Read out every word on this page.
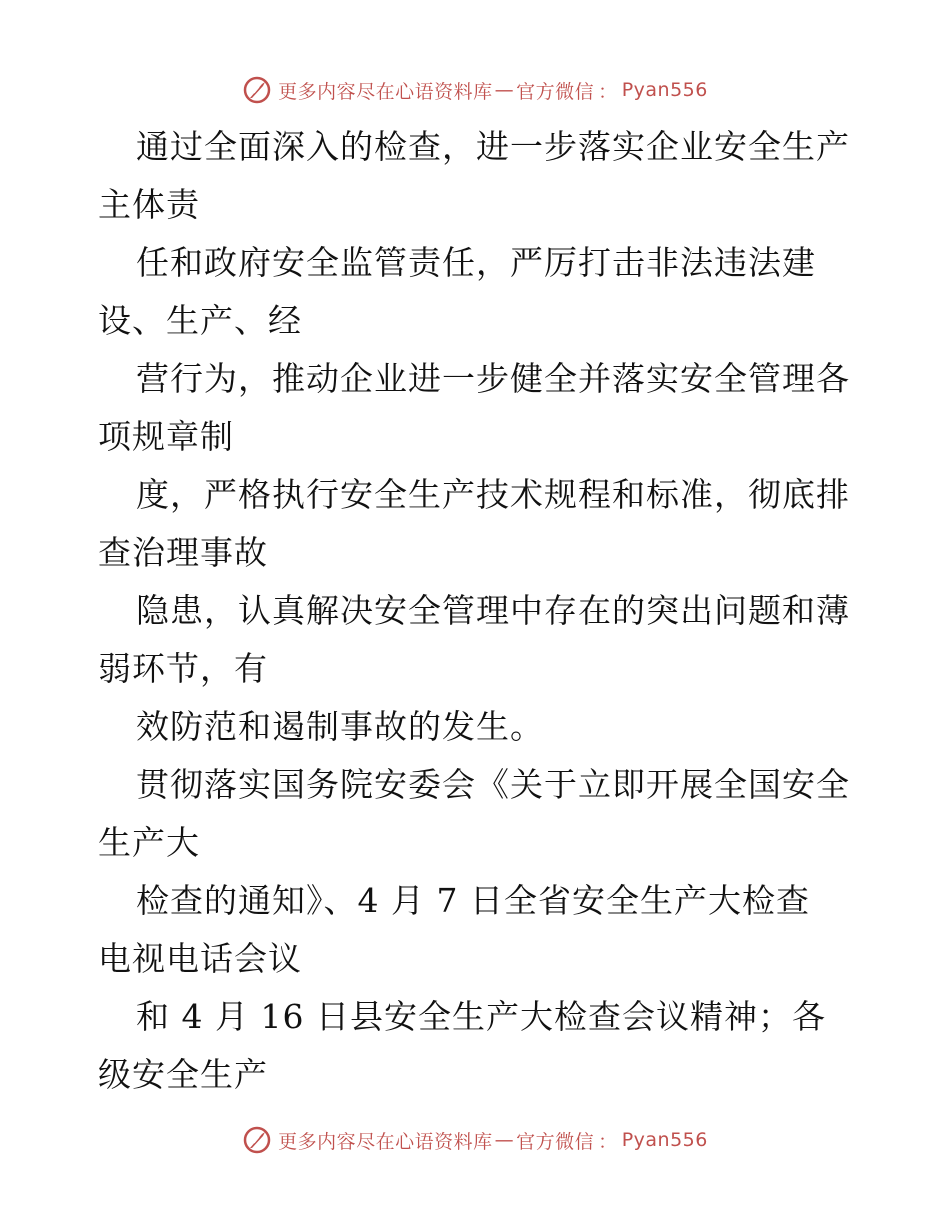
更多内容尽在心语资料库 — 官方微信 ： Pyan556
通过全面深入的检查，进一步落实企业安全生产
主体责
任和政府安全监管责任，严厉打击非法违法建
设、生产、经
营行为，推动企业进一步健全并落实安全管理各
项规章制
度，严格执行安全生产技术规程和标准，彻底排
查治理事故
隐患，认真解决安全管理中存在的突出问题和薄
弱环节，有
效防范和遏制事故的发生。
贯彻落实国务院安委会《关于立即开展全国安全
生产大
检查的通知》、4 月 7 日全省安全生产大检查
电视电话会议
和 4 月 16 日县安全生产大检查会议精神；各
级安全生产
更多内容尽在心语资料库 — 官方微信 ： Pyan556
